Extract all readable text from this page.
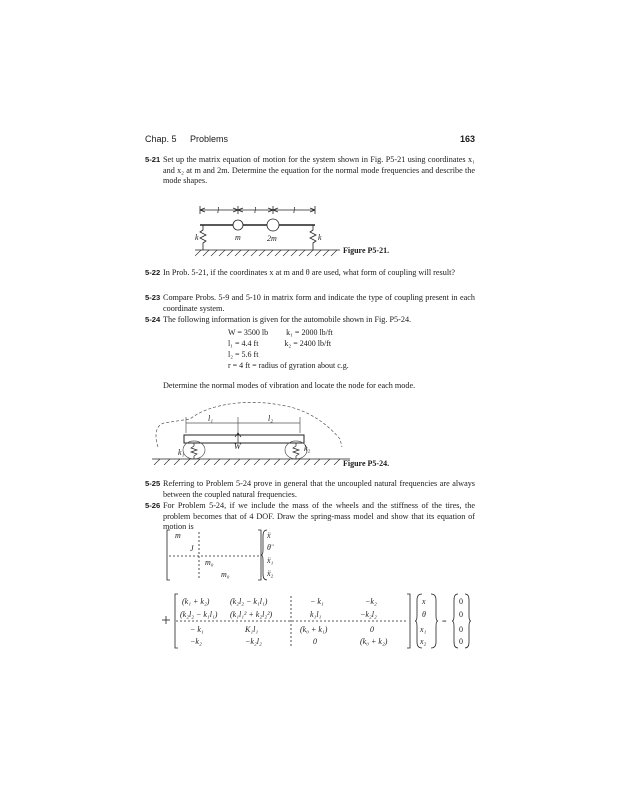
Chap. 5 Problems	163
5-21 Set up the matrix equation of motion for the system shown in Fig. P5-21 using coordinates x₁ and x₂ at m and 2m. Determine the equation for the normal mode frequencies and describe the mode shapes.
l	l	l
m	2m
k	k
Figure P5-21.
5-22 In Prob. 5-21, if the coordinates x at m and θ are used, what form of coupling will result?
5-23 Compare Probs. 5-9 and 5-10 in matrix form and indicate the type of coupling present in each coordinate system.
5-24 The following information is given for the automobile shown in Fig. P5-24.
W = 3500 lb k₁ = 2000 lb/ft
l₁ = 4.4 ft	k₂ = 2400 lb/ft
l₂ = 5.6 ft
r = 4 ft = radius of gyration about c.g.
Determine the normal modes of vibration and locate the node for each mode.
l₁	l₂
W
k₁	k₂
Figure P5-24.
5-25 Referring to Problem 5-24 prove in general that the uncoupled natural frequencies are always between the coupled natural frequencies.
5-26 For Problem 5-24, if we include the mass of the wheels and the stiffness of the tires, the problem becomes that of 4 DOF. Draw the spring-mass model and show that its equation of motion is
m
J
m₀
m₀
ẍ
θ̈
ẍ₁
ẍ₂
(k₁ + k₂)	(k₂l₂ − k₁l₁)	− k₁	−k₂
(k₂l₂ − k₁l₁) (k₁l₁² + k₂l₂²)	k₁l₁	−k₂l₂
− k₁	K₁l₁	(k₀ + k₁)	0
−k₂	−k₂l₂	0	(k₀ + k₂)
x
θ
x₁
x₂
=
0
0
0
0
